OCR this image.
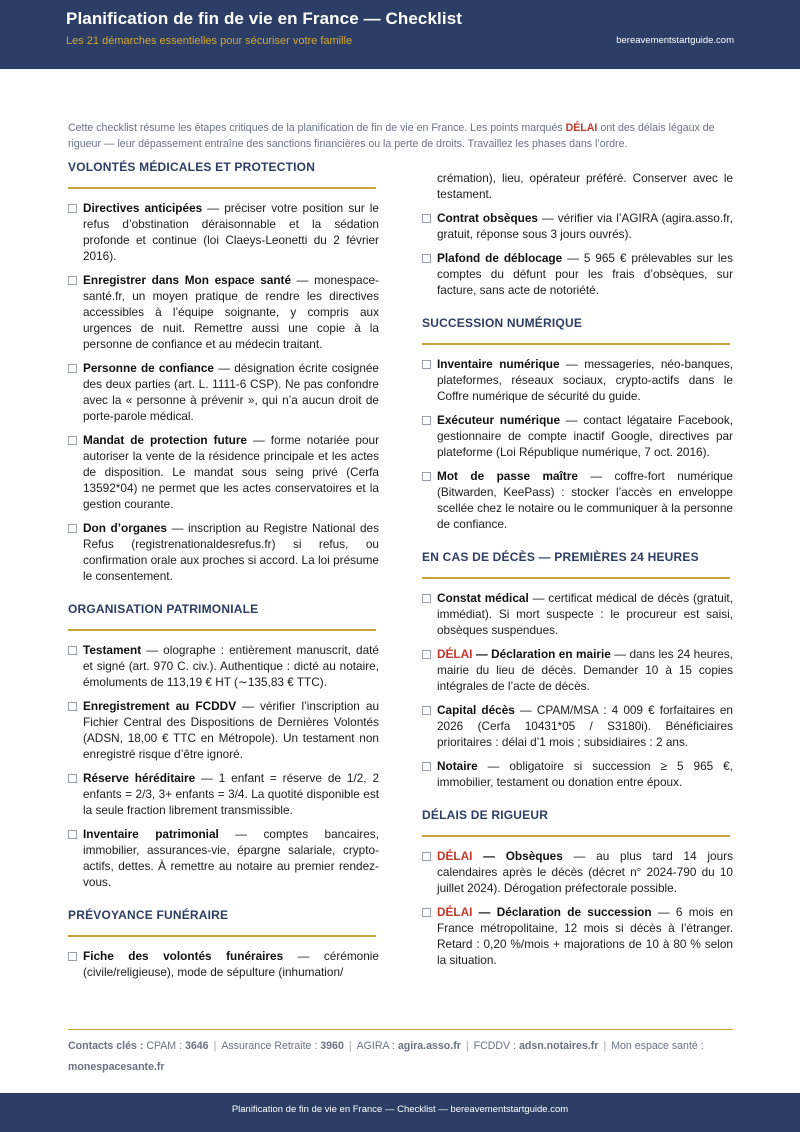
Planification de fin de vie en France — Checklist
Les 21 démarches essentielles pour sécuriser votre famille	bereavementstartguide.com
Cette checklist résume les étapes critiques de la planification de fin de vie en France. Les points marqués DÉLAI ont des délais légaux de rigueur — leur dépassement entraîne des sanctions financières ou la perte de droits. Travaillez les phases dans l’ordre.
VOLONTÉS MÉDICALES ET PROTECTION
Directives anticipées — préciser votre position sur le refus d’obstination déraisonnable et la sédation profonde et continue (loi Claeys-Leonetti du 2 février 2016).
Enregistrer dans Mon espace santé — monespace-santé.fr, un moyen pratique de rendre les directives accessibles à l’équipe soignante, y compris aux urgences de nuit. Remettre aussi une copie à la personne de confiance et au médecin traitant.
Personne de confiance — désignation écrite cosignée des deux parties (art. L. 1111-6 CSP). Ne pas confondre avec la « personne à prévenir », qui n’a aucun droit de porte-parole médical.
Mandat de protection future — forme notariée pour autoriser la vente de la résidence principale et les actes de disposition. Le mandat sous seing privé (Cerfa 13592*04) ne permet que les actes conservatoires et la gestion courante.
Don d’organes — inscription au Registre National des Refus (registrenationaldesrefus.fr) si refus, ou confirmation orale aux proches si accord. La loi présume le consentement.
ORGANISATION PATRIMONIALE
Testament — olographe : entièrement manuscrit, daté et signé (art. 970 C. civ.). Authentique : dicté au notaire, émoluments de 113,19 € HT (∼135,83 € TTC).
Enregistrement au FCDDV — vérifier l’inscription au Fichier Central des Dispositions de Dernières Volontés (ADSN, 18,00 € TTC en Métropole). Un testament non enregistré risque d’être ignoré.
Réserve héréditaire — 1 enfant = réserve de 1/2, 2 enfants = 2/3, 3+ enfants = 3/4. La quotité disponible est la seule fraction librement transmissible.
Inventaire patrimonial — comptes bancaires, immobilier, assurances-vie, épargne salariale, crypto-actifs, dettes. À remettre au notaire au premier rendez-vous.
PRÉVOYANCE FUNÉRAIRE
Fiche des volontés funéraires — cérémonie (civile/religieuse), mode de sépulture (inhumation/
crémation), lieu, opérateur préféré. Conserver avec le testament.
Contrat obsèques — vérifier via l’AGIRA (agira.asso.fr, gratuit, réponse sous 3 jours ouvrés).
Plafond de déblocage — 5 965 € prélevables sur les comptes du défunt pour les frais d’obsèques, sur facture, sans acte de notoriété.
SUCCESSION NUMÉRIQUE
Inventaire numérique — messageries, néo-banques, plateformes, réseaux sociaux, crypto-actifs dans le Coffre numérique de sécurité du guide.
Exécuteur numérique — contact légataire Facebook, gestionnaire de compte inactif Google, directives par plateforme (Loi République numérique, 7 oct. 2016).
Mot de passe maître — coffre-fort numérique (Bitwarden, KeePass) : stocker l’accès en enveloppe scellée chez le notaire ou le communiquer à la personne de confiance.
EN CAS DE DÉCÈS — PREMIÈRES 24 HEURES
Constat médical — certificat médical de décès (gratuit, immédiat). Si mort suspecte : le procureur est saisi, obsèques suspendues.
DÉLAI — Déclaration en mairie — dans les 24 heures, mairie du lieu de décès. Demander 10 à 15 copies intégrales de l’acte de décès.
Capital décès — CPAM/MSA : 4 009 € forfaitaires en 2026 (Cerfa 10431*05 / S3180i). Bénéficiaires prioritaires : délai d’1 mois ; subsidiaires : 2 ans.
Notaire — obligatoire si succession ≥ 5 965 €, immobilier, testament ou donation entre époux.
DÉLAIS DE RIGUEUR
DÉLAI — Obsèques — au plus tard 14 jours calendaires après le décès (décret n° 2024-790 du 10 juillet 2024). Dérogation préfectorale possible.
DÉLAI — Déclaration de succession — 6 mois en France métropolitaine, 12 mois si décès à l’étranger. Retard : 0,20 %/mois + majorations de 10 à 80 % selon la situation.
Contacts clés : CPAM : 3646 | Assurance Retraite : 3960 | AGIRA : agira.asso.fr | FCDDV : adsn.notaires.fr | Mon espace santé : monespacesante.fr
Planification de fin de vie en France — Checklist — bereavementstartguide.com
